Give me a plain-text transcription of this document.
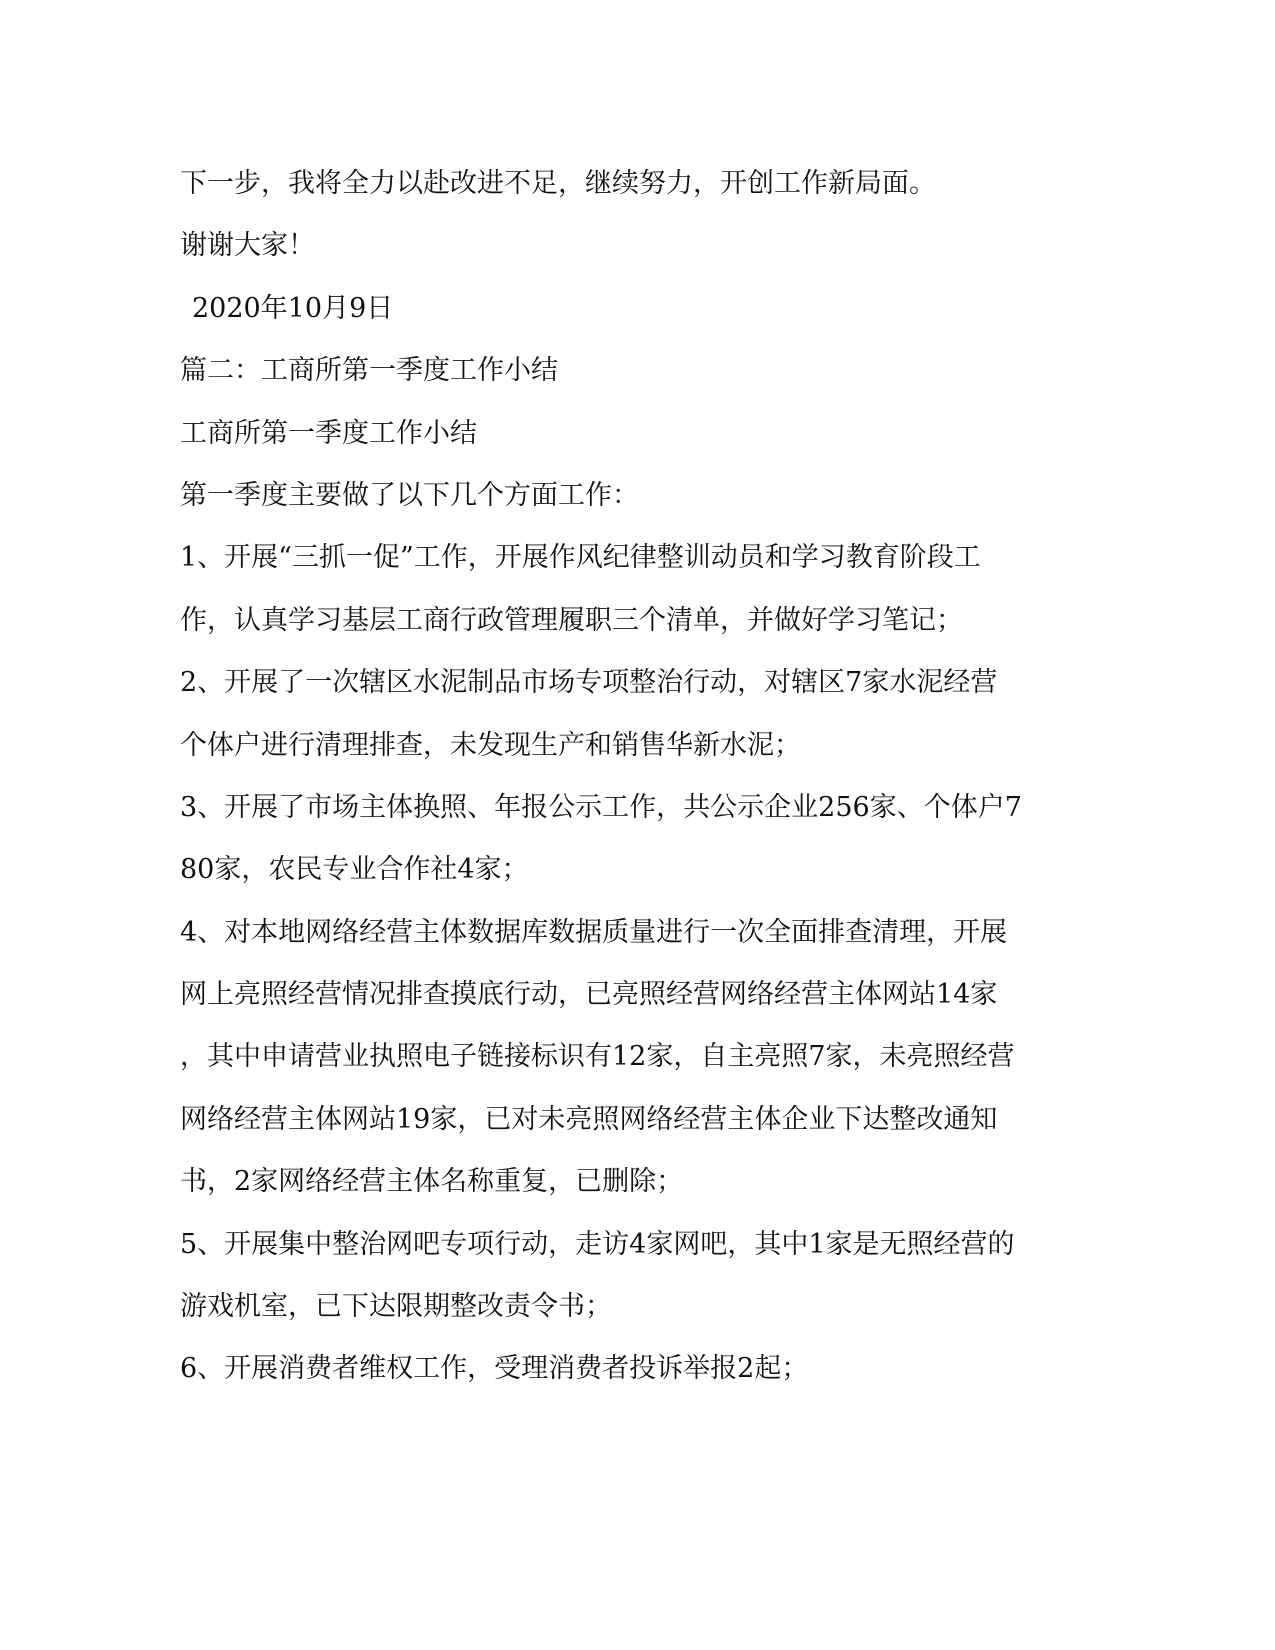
下一步，我将全力以赴改进不足，继续努力，开创工作新局面。
谢谢大家！
2020年10月9日
篇二：工商所第一季度工作小结
工商所第一季度工作小结
第一季度主要做了以下几个方面工作：
1、开展“三抓一促”工作，开展作风纪律整训动员和学习教育阶段工
作，认真学习基层工商行政管理履职三个清单，并做好学习笔记；
2、开展了一次辖区水泥制品市场专项整治行动，对辖区7家水泥经营
个体户进行清理排查，未发现生产和销售华新水泥；
3、开展了市场主体换照、年报公示工作，共公示企业256家、个体户7
80家，农民专业合作社4家；
4、对本地网络经营主体数据库数据质量进行一次全面排查清理，开展
网上亮照经营情况排查摸底行动，已亮照经营网络经营主体网站14家
，其中申请营业执照电子链接标识有12家，自主亮照7家，未亮照经营
网络经营主体网站19家，已对未亮照网络经营主体企业下达整改通知
书，2家网络经营主体名称重复，已删除；
5、开展集中整治网吧专项行动，走访4家网吧，其中1家是无照经营的
游戏机室，已下达限期整改责令书；
6、开展消费者维权工作，受理消费者投诉举报2起；
